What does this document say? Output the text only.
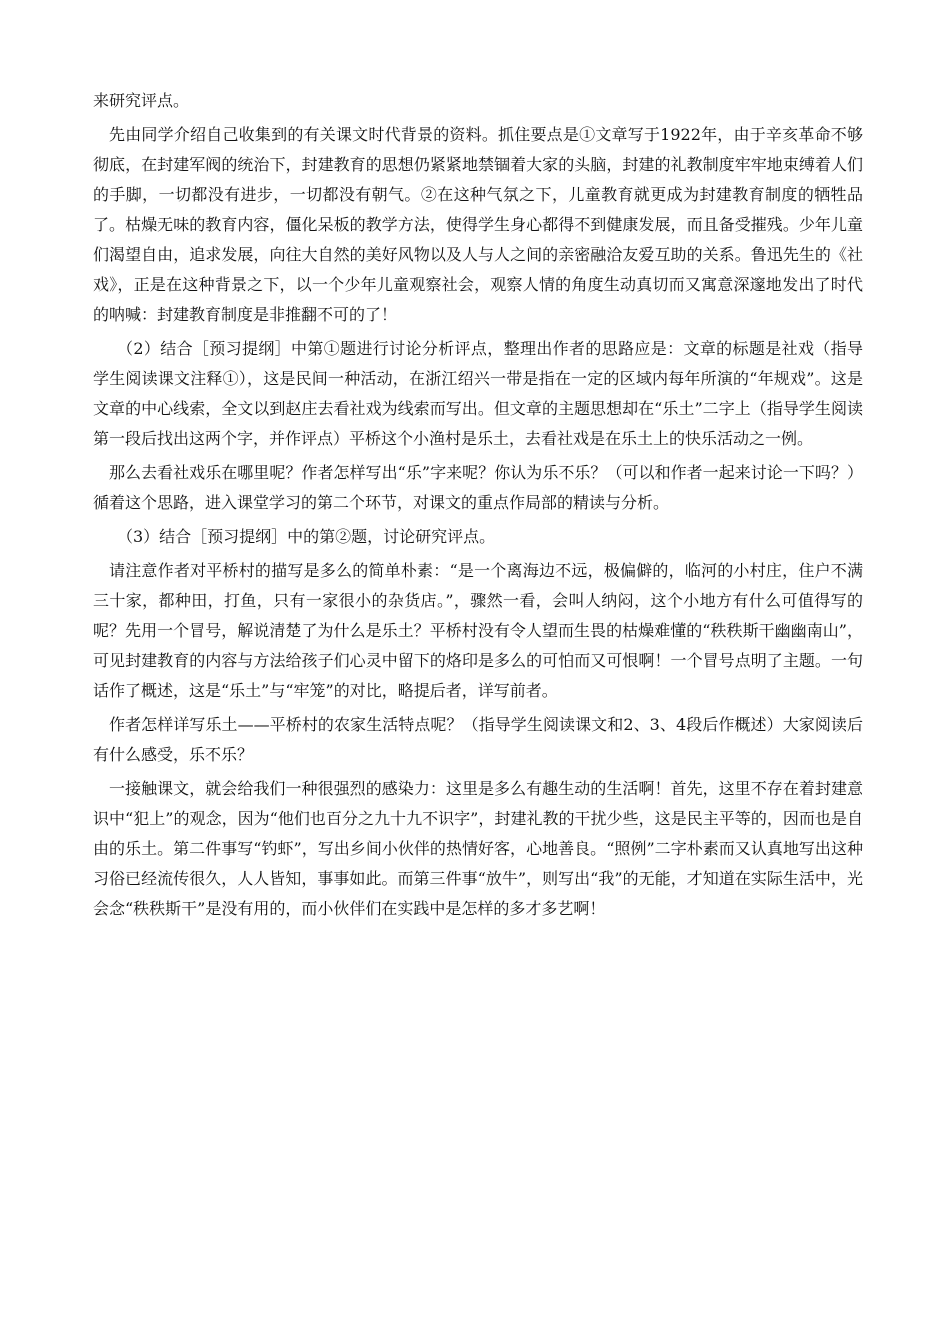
来研究评点。

先由同学介绍自己收集到的有关课文时代背景的资料。抓住要点是①文章写于1922年，由于辛亥革命不够彻底，在封建军阀的统治下，封建教育的思想仍紧紧地禁锢着大家的头脑，封建的礼教制度牢牢地束缚着人们的手脚，一切都没有进步，一切都没有朝气。②在这种气氛之下，儿童教育就更成为封建教育制度的牺牲品了。枯燥无味的教育内容，僵化呆板的教学方法，使得学生身心都得不到健康发展，而且备受摧残。少年儿童们渴望自由，追求发展，向往大自然的美好风物以及人与人之间的亲密融洽友爱互助的关系。鲁迅先生的《社戏》，正是在这种背景之下，以一个少年儿童观察社会，观察人情的角度生动真切而又寓意深邃地发出了时代的呐喊：封建教育制度是非推翻不可的了！

（2）结合［预习提纲］中第①题进行讨论分析评点，整理出作者的思路应是：文章的标题是社戏（指导学生阅读课文注释①），这是民间一种活动，在浙江绍兴一带是指在一定的区域内每年所演的“年规戏”。这是文章的中心线索，全文以到赵庄去看社戏为线索而写出。但文章的主题思想却在“乐土”二字上（指导学生阅读第一段后找出这两个字，并作评点）平桥这个小渔村是乐土，去看社戏是在乐土上的快乐活动之一例。

那么去看社戏乐在哪里呢？作者怎样写出“乐”字来呢？你认为乐不乐？（可以和作者一起来讨论一下吗？）循着这个思路，进入课堂学习的第二个环节，对课文的重点作局部的精读与分析。

（3）结合［预习提纲］中的第②题，讨论研究评点。

请注意作者对平桥村的描写是多么的简单朴素：“是一个离海边不远，极偏僻的，临河的小村庄，住户不满三十家，都种田，打鱼，只有一家很小的杂货店。”，骤然一看，会叫人纳闷，这个小地方有什么可值得写的呢？先用一个冒号，解说清楚了为什么是乐土？平桥村没有令人望而生畏的枯燥难懂的“秩秩斯干幽幽南山”，可见封建教育的内容与方法给孩子们心灵中留下的烙印是多么的可怕而又可恨啊！一个冒号点明了主题。一句话作了概述，这是“乐土”与“牢笼”的对比，略提后者，详写前者。

作者怎样详写乐土——平桥村的农家生活特点呢？（指导学生阅读课文和2、3、4段后作概述）大家阅读后有什么感受，乐不乐？

一接触课文，就会给我们一种很强烈的感染力：这里是多么有趣生动的生活啊！首先，这里不存在着封建意识中“犯上”的观念，因为“他们也百分之九十九不识字”，封建礼教的干扰少些，这是民主平等的，因而也是自由的乐土。第二件事写“钓虾”，写出乡间小伙伴的热情好客，心地善良。“照例”二字朴素而又认真地写出这种习俗已经流传很久，人人皆知，事事如此。而第三件事“放牛”，则写出“我”的无能，才知道在实际生活中，光会念“秩秩斯干”是没有用的，而小伙伴们在实践中是怎样的多才多艺啊！
